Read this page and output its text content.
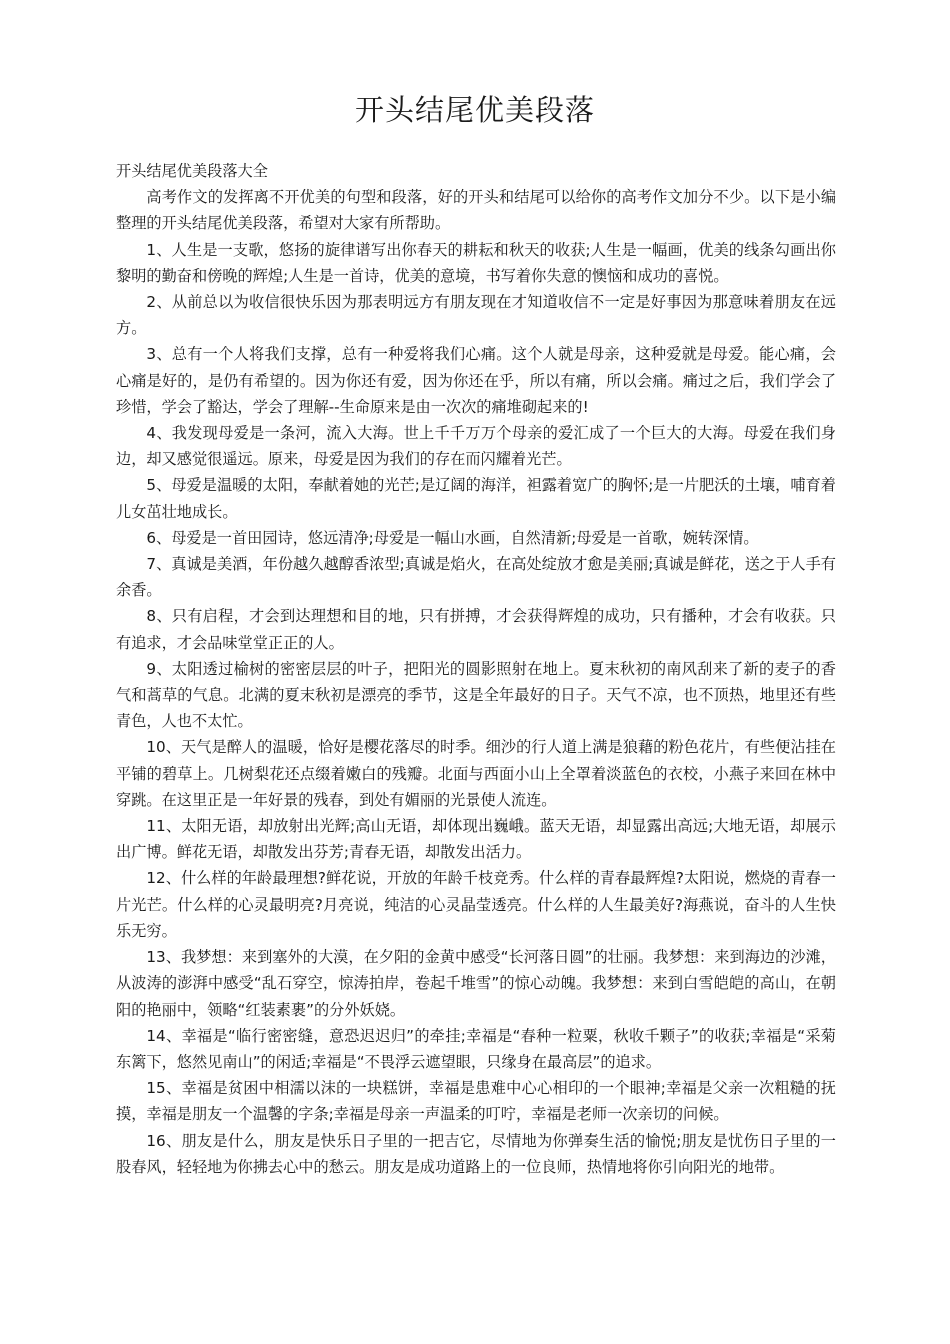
开头结尾优美段落

开头结尾优美段落大全

高考作文的发挥离不开优美的句型和段落，好的开头和结尾可以给你的高考作文加分不少。以下是小编整理的开头结尾优美段落，希望对大家有所帮助。

1、人生是一支歌，悠扬的旋律谱写出你春天的耕耘和秋天的收获;人生是一幅画，优美的线条勾画出你黎明的勤奋和傍晚的辉煌;人生是一首诗，优美的意境，书写着你失意的懊恼和成功的喜悦。

2、从前总以为收信很快乐因为那表明远方有朋友现在才知道收信不一定是好事因为那意味着朋友在远方。

3、总有一个人将我们支撑，总有一种爱将我们心痛。这个人就是母亲，这种爱就是母爱。能心痛，会心痛是好的，是仍有希望的。因为你还有爱，因为你还在乎，所以有痛，所以会痛。痛过之后，我们学会了珍惜，学会了豁达，学会了理解--生命原来是由一次次的痛堆砌起来的!

4、我发现母爱是一条河，流入大海。世上千千万万个母亲的爱汇成了一个巨大的大海。母爱在我们身边，却又感觉很遥远。原来，母爱是因为我们的存在而闪耀着光芒。

5、母爱是温暖的太阳，奉献着她的光芒;是辽阔的海洋，袒露着宽广的胸怀;是一片肥沃的土壤，哺育着儿女茁壮地成长。

6、母爱是一首田园诗，悠远清净;母爱是一幅山水画，自然清新;母爱是一首歌，婉转深情。

7、真诚是美酒，年份越久越醇香浓型;真诚是焰火，在高处绽放才愈是美丽;真诚是鲜花，送之于人手有余香。

8、只有启程，才会到达理想和目的地，只有拼搏，才会获得辉煌的成功，只有播种，才会有收获。只有追求，才会品味堂堂正正的人。

9、太阳透过榆树的密密层层的叶子，把阳光的圆影照射在地上。夏末秋初的南风刮来了新的麦子的香气和蒿草的气息。北满的夏末秋初是漂亮的季节，这是全年最好的日子。天气不凉，也不顶热，地里还有些青色，人也不太忙。

10、天气是醉人的温暖，恰好是樱花落尽的时季。细沙的行人道上满是狼藉的粉色花片，有些便沾挂在平铺的碧草上。几树梨花还点缀着嫩白的残瓣。北面与西面小山上全罩着淡蓝色的衣校，小燕子来回在林中穿跳。在这里正是一年好景的残春，到处有媚丽的光景使人流连。

11、太阳无语，却放射出光辉;高山无语，却体现出巍峨。蓝天无语，却显露出高远;大地无语，却展示出广博。鲜花无语，却散发出芬芳;青春无语，却散发出活力。

12、什么样的年龄最理想?鲜花说，开放的年龄千枝竞秀。什么样的青春最辉煌?太阳说，燃烧的青春一片光芒。什么样的心灵最明亮?月亮说，纯洁的心灵晶莹透亮。什么样的人生最美好?海燕说，奋斗的人生快乐无穷。

13、我梦想：来到塞外的大漠，在夕阳的金黄中感受“长河落日圆”的壮丽。我梦想：来到海边的沙滩，从波涛的澎湃中感受“乱石穿空，惊涛拍岸，卷起千堆雪”的惊心动魄。我梦想：来到白雪皑皑的高山，在朝阳的艳丽中，领略“红装素裹”的分外妖娆。

14、幸福是“临行密密缝，意恐迟迟归”的牵挂;幸福是“春种一粒粟，秋收千颗子”的收获;幸福是“采菊东篱下，悠然见南山”的闲适;幸福是“不畏浮云遮望眼，只缘身在最高层”的追求。

15、幸福是贫困中相濡以沫的一块糕饼，幸福是患难中心心相印的一个眼神;幸福是父亲一次粗糙的抚摸，幸福是朋友一个温馨的字条;幸福是母亲一声温柔的叮咛，幸福是老师一次亲切的问候。

16、朋友是什么，朋友是快乐日子里的一把吉它，尽情地为你弹奏生活的愉悦;朋友是忧伤日子里的一股春风，轻轻地为你拂去心中的愁云。朋友是成功道路上的一位良师，热情地将你引向阳光的地带。
